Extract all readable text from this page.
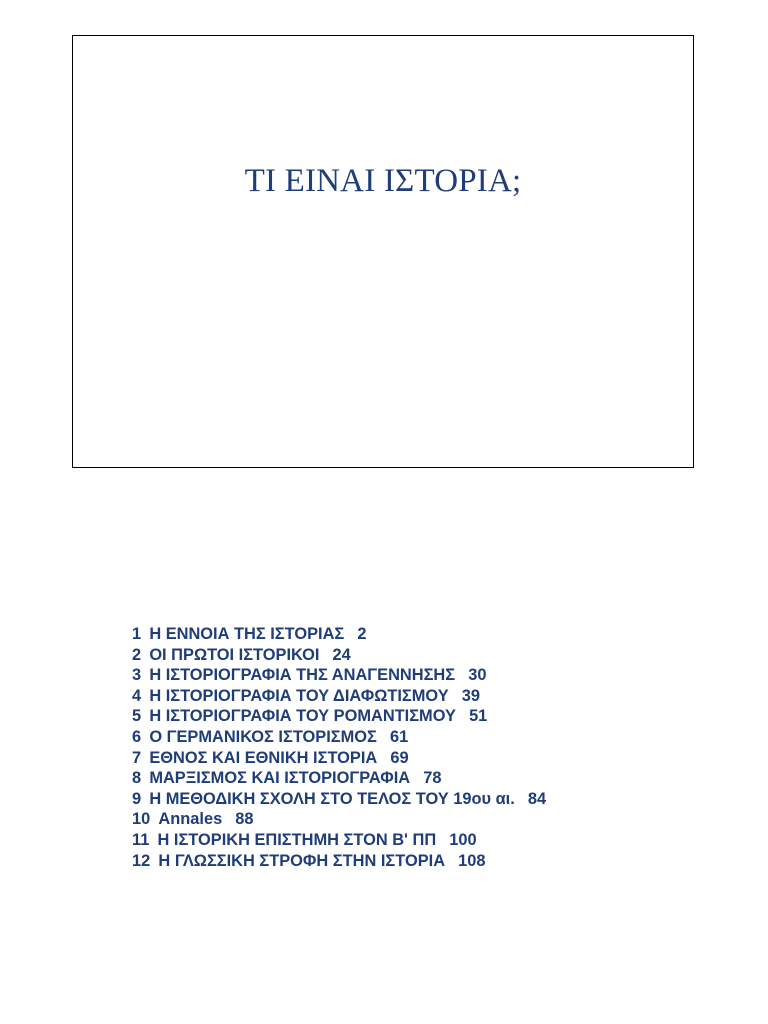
ΤΙ ΕΙΝΑΙ ΙΣΤΟΡΙΑ;
1 Η ΕΝΝΟΙΑ ΤΗΣ ΙΣΤΟΡΙΑΣ 2
2 ΟΙ ΠΡΩΤΟΙ ΙΣΤΟΡΙΚΟΙ 24
3 Η ΙΣΤΟΡΙΟΓΡΑΦΙΑ ΤΗΣ ΑΝΑΓΕΝΝΗΣΗΣ 30
4 Η ΙΣΤΟΡΙΟΓΡΑΦΙΑ ΤΟΥ ΔΙΑΦΩΤΙΣΜΟΥ 39
5 Η ΙΣΤΟΡΙΟΓΡΑΦΙΑ ΤΟΥ ΡΟΜΑΝΤΙΣΜΟΥ 51
6 Ο ΓΕΡΜΑΝΙΚΟΣ ΙΣΤΟΡΙΣΜΟΣ 61
7 ΕΘΝΟΣ ΚΑΙ ΕΘΝΙΚΗ ΙΣΤΟΡΙΑ 69
8 ΜΑΡΞΙΣΜΟΣ ΚΑΙ ΙΣΤΟΡΙΟΓΡΑΦΙΑ 78
9 Η ΜΕΘΟΔΙΚΗ ΣΧΟΛΗ ΣΤΟ ΤΕΛΟΣ ΤΟΥ 19ου αι. 84
10 Annales 88
11 Η ΙΣΤΟΡΙΚΗ ΕΠΙΣΤΗΜΗ ΣΤΟΝ Β' ΠΠ 100
12 Η ΓΛΩΣΣΙΚΗ ΣΤΡΟΦΗ ΣΤΗΝ ΙΣΤΟΡΙΑ 108
